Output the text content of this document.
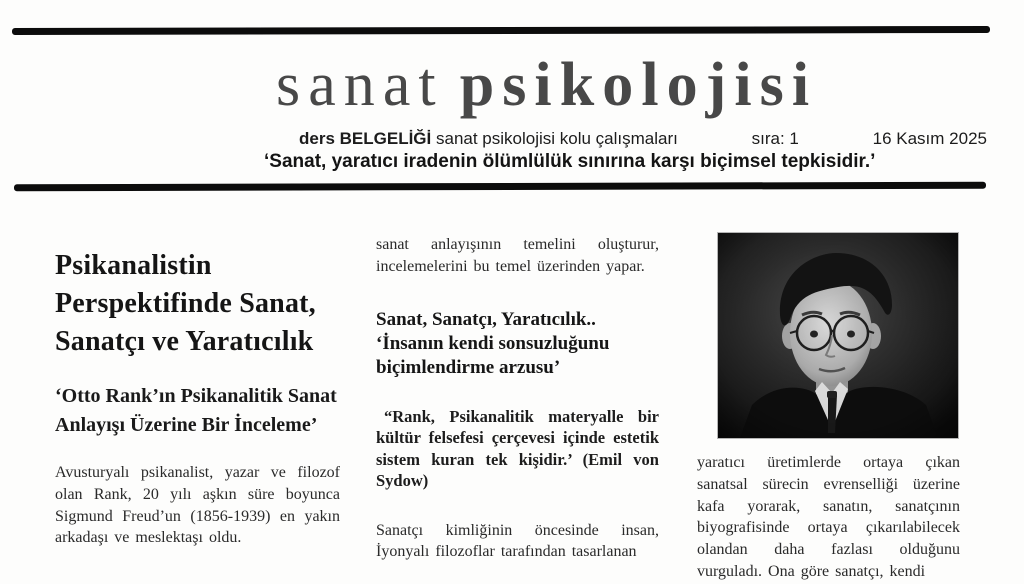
sanat psikolojisi
ders BELGELİĞİ sanat psikolojisi kolu çalışmaları	sıra: 1	16 Kasım 2025
‘Sanat, yaratıcı iradenin ölümlülük sınırına karşı biçimsel tepkisidir.’
Psikanalistin Perspektifinde Sanat, Sanatçı ve Yaratıcılık
‘Otto Rank’ın Psikanalitik Sanat Anlayışı Üzerine Bir İnceleme’

Avusturyalı psikanalist, yazar ve filozof olan Rank, 20 yılı aşkın süre boyunca Sigmund Freud’un (1856-1939) en yakın arkadaşı ve meslektaşı oldu.

sanat anlayışının temelini oluşturur, incelemelerini bu temel üzerinden yapar.

Sanat, Sanatçı, Yaratıcılık.. ‘İnsanın kendi sonsuzluğunu biçimlendirme arzusu’

“Rank, Psikanalitik materyalle bir kültür felsefesi çerçevesi içinde estetik sistem kuran tek kişidir.’ (Emil von Sydow)

Sanatçı kimliğinin öncesinde insan, İyonyalı filozoflar tarafından tasarlanan

yaratıcı üretimlerde ortaya çıkan sanatsal sürecin evrenselliği üzerine kafa yorarak, sanatın, sanatçının biyografisinde ortaya çıkarılabilecek olandan daha fazlası olduğunu vurguladı. Ona göre sanatçı, kendi
